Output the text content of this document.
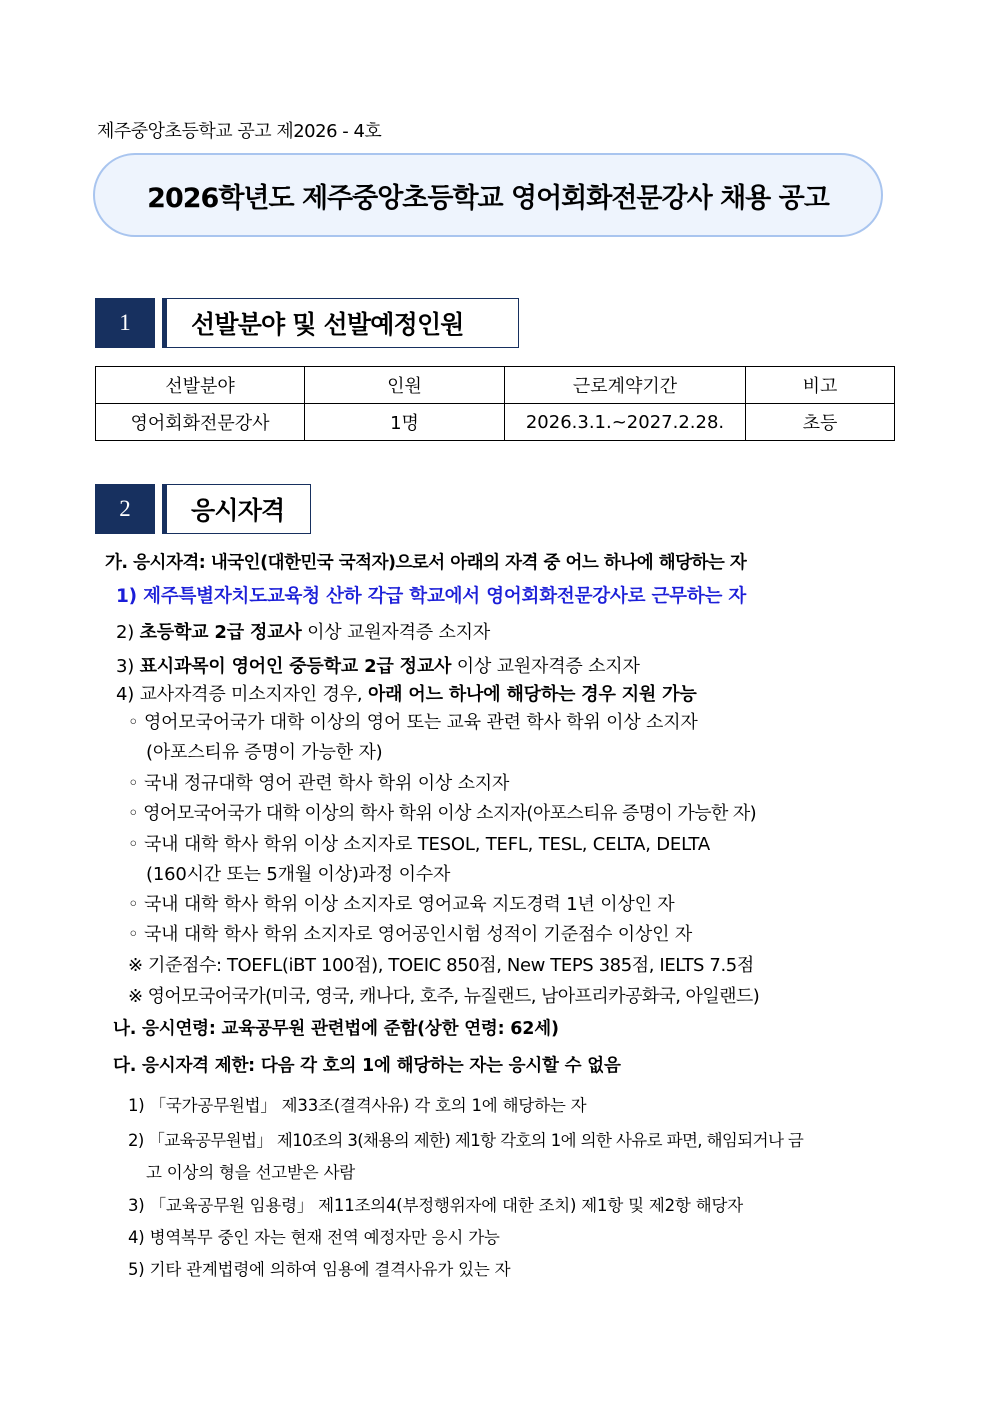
제주중앙초등학교 공고 제2026 - 4호
2026학년도 제주중앙초등학교 영어회화전문강사 채용 공고
1	선발분야 및 선발예정인원
선발분야	인원	근로계약기간	비고
영어회화전문강사	1명	2026.3.1.~2027.2.28.	초등
2	응시자격
가. 응시자격: 내국인(대한민국 국적자)으로서 아래의 자격 중 어느 하나에 해당하는 자
1) 제주특별자치도교육청 산하 각급 학교에서 영어회화전문강사로 근무하는 자
2) 초등학교 2급 정교사 이상 교원자격증 소지자
3) 표시과목이 영어인 중등학교 2급 정교사 이상 교원자격증 소지자
4) 교사자격증 미소지자인 경우, 아래 어느 하나에 해당하는 경우 지원 가능
◦ 영어모국어국가 대학 이상의 영어 또는 교육 관련 학사 학위 이상 소지자
(아포스티유 증명이 가능한 자)
◦ 국내 정규대학 영어 관련 학사 학위 이상 소지자
◦ 영어모국어국가 대학 이상의 학사 학위 이상 소지자(아포스티유 증명이 가능한 자)
◦ 국내 대학 학사 학위 이상 소지자로 TESOL, TEFL, TESL, CELTA, DELTA
(160시간 또는 5개월 이상)과정 이수자
◦ 국내 대학 학사 학위 이상 소지자로 영어교육 지도경력 1년 이상인 자
◦ 국내 대학 학사 학위 소지자로 영어공인시험 성적이 기준점수 이상인 자
※ 기준점수: TOEFL(iBT 100점), TOEIC 850점, New TEPS 385점, IELTS 7.5점
※ 영어모국어국가(미국, 영국, 캐나다, 호주, 뉴질랜드, 남아프리카공화국, 아일랜드)
나. 응시연령: 교육공무원 관련법에 준함(상한 연령: 62세)
다. 응시자격 제한: 다음 각 호의 1에 해당하는 자는 응시할 수 없음
1) 「국가공무원법」 제33조(결격사유) 각 호의 1에 해당하는 자
2) 「교육공무원법」 제10조의 3(채용의 제한) 제1항 각호의 1에 의한 사유로 파면, 해임되거나 금
고 이상의 형을 선고받은 사람
3) 「교육공무원 임용령」 제11조의4(부정행위자에 대한 조치) 제1항 및 제2항 해당자
4) 병역복무 중인 자는 현재 전역 예정자만 응시 가능
5) 기타 관계법령에 의하여 임용에 결격사유가 있는 자
